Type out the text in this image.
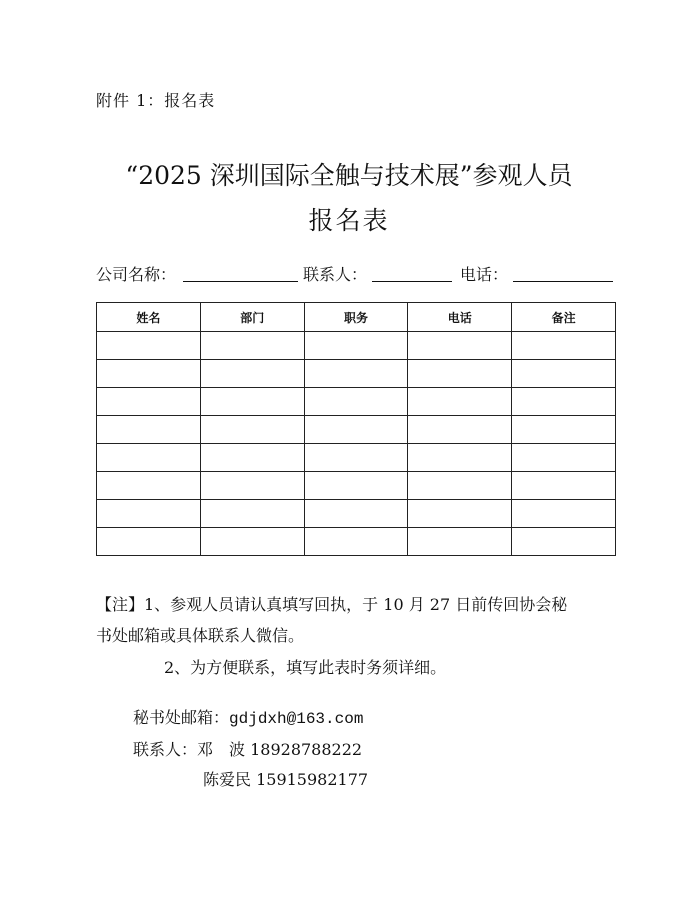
附件 1：报名表
“2025 深圳国际全触与技术展”参观人员
报名表
公司名称：	联系人：	电话：
姓名	部门	职务	电话	备注

【注】1、参观人员请认真填写回执，于 10 月 27 日前传回协会秘
书处邮箱或具体联系人微信。
2、为方便联系，填写此表时务须详细。
秘书处邮箱：gdjdxh@163.com
联系人：邓　波 18928788222
陈爱民 15915982177
